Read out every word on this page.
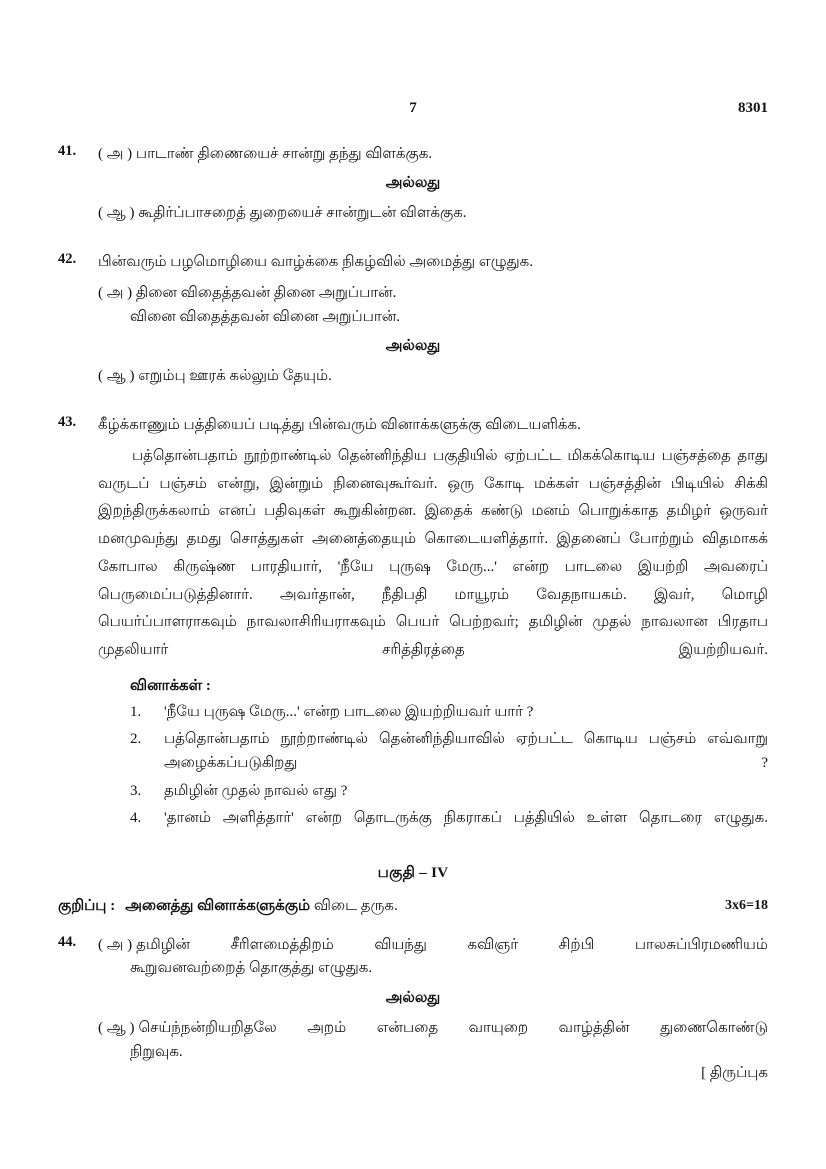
7	8301
41.	( அ ) பாடாண் திணையைச் சான்று தந்து விளக்குக.
அல்லது
( ஆ ) கூதிர்ப்பாசறைத் துறையைச் சான்றுடன் விளக்குக.
42.	பின்வரும் பழமொழியை வாழ்க்கை நிகழ்வில் அமைத்து எழுதுக.
( அ ) தினை விதைத்தவன் தினை அறுப்பான்.
வினை விதைத்தவன் வினை அறுப்பான்.
அல்லது
( ஆ ) எறும்பு ஊரக் கல்லும் தேயும்.
43.	கீழ்க்காணும் பத்தியைப் படித்து பின்வரும் வினாக்களுக்கு விடையளிக்க.
பத்தொன்பதாம் நூற்றாண்டில் தென்னிந்திய பகுதியில் ஏற்பட்ட மிகக்கொடிய பஞ்சத்தை தாது வருடப் பஞ்சம் என்று, இன்றும் நினைவுகூர்வர். ஒரு கோடி மக்கள் பஞ்சத்தின் பிடியில் சிக்கி இறந்திருக்கலாம் எனப் பதிவுகள் கூறுகின்றன. இதைக் கண்டு மனம் பொறுக்காத தமிழர் ஒருவர் மனமுவந்து தமது சொத்துகள் அனைத்தையும் கொடையளித்தார். இதனைப் போற்றும் விதமாகக் கோபால கிருஷ்ண பாரதியார், 'நீயே புருஷ மேரு...' என்ற பாடலை இயற்றி அவரைப் பெருமைப்படுத்தினார். அவர்தான், நீதிபதி மாயூரம் வேதநாயகம். இவர், மொழி பெயர்ப்பாளராகவும் நாவலாசிரியராகவும் பெயர் பெற்றவர்; தமிழின் முதல் நாவலான பிரதாப முதலியார் சரித்திரத்தை இயற்றியவர்.
வினாக்கள் :
1.	'நீயே புருஷ மேரு...' என்ற பாடலை இயற்றியவர் யார் ?
2.	பத்தொன்பதாம் நூற்றாண்டில் தென்னிந்தியாவில் ஏற்பட்ட கொடிய பஞ்சம் எவ்வாறு அழைக்கப்படுகிறது ?
3.	தமிழின் முதல் நாவல் எது ?
4.	'தானம் அளித்தார்' என்ற தொடருக்கு நிகராகப் பத்தியில் உள்ள தொடரை எழுதுக.
பகுதி – IV
குறிப்பு : அனைத்து வினாக்களுக்கும் விடை தருக.	3x6=18
44.	( அ ) தமிழின் சீரிளமைத்திறம் வியந்து கவிஞர் சிற்பி பாலசுப்பிரமணியம்
கூறுவனவற்றைத் தொகுத்து எழுதுக.
அல்லது
( ஆ ) செய்ந்நன்றியறிதலே அறம் என்பதை வாயுறை வாழ்த்தின் துணைகொண்டு
நிறுவுக.
[ திருப்புக
